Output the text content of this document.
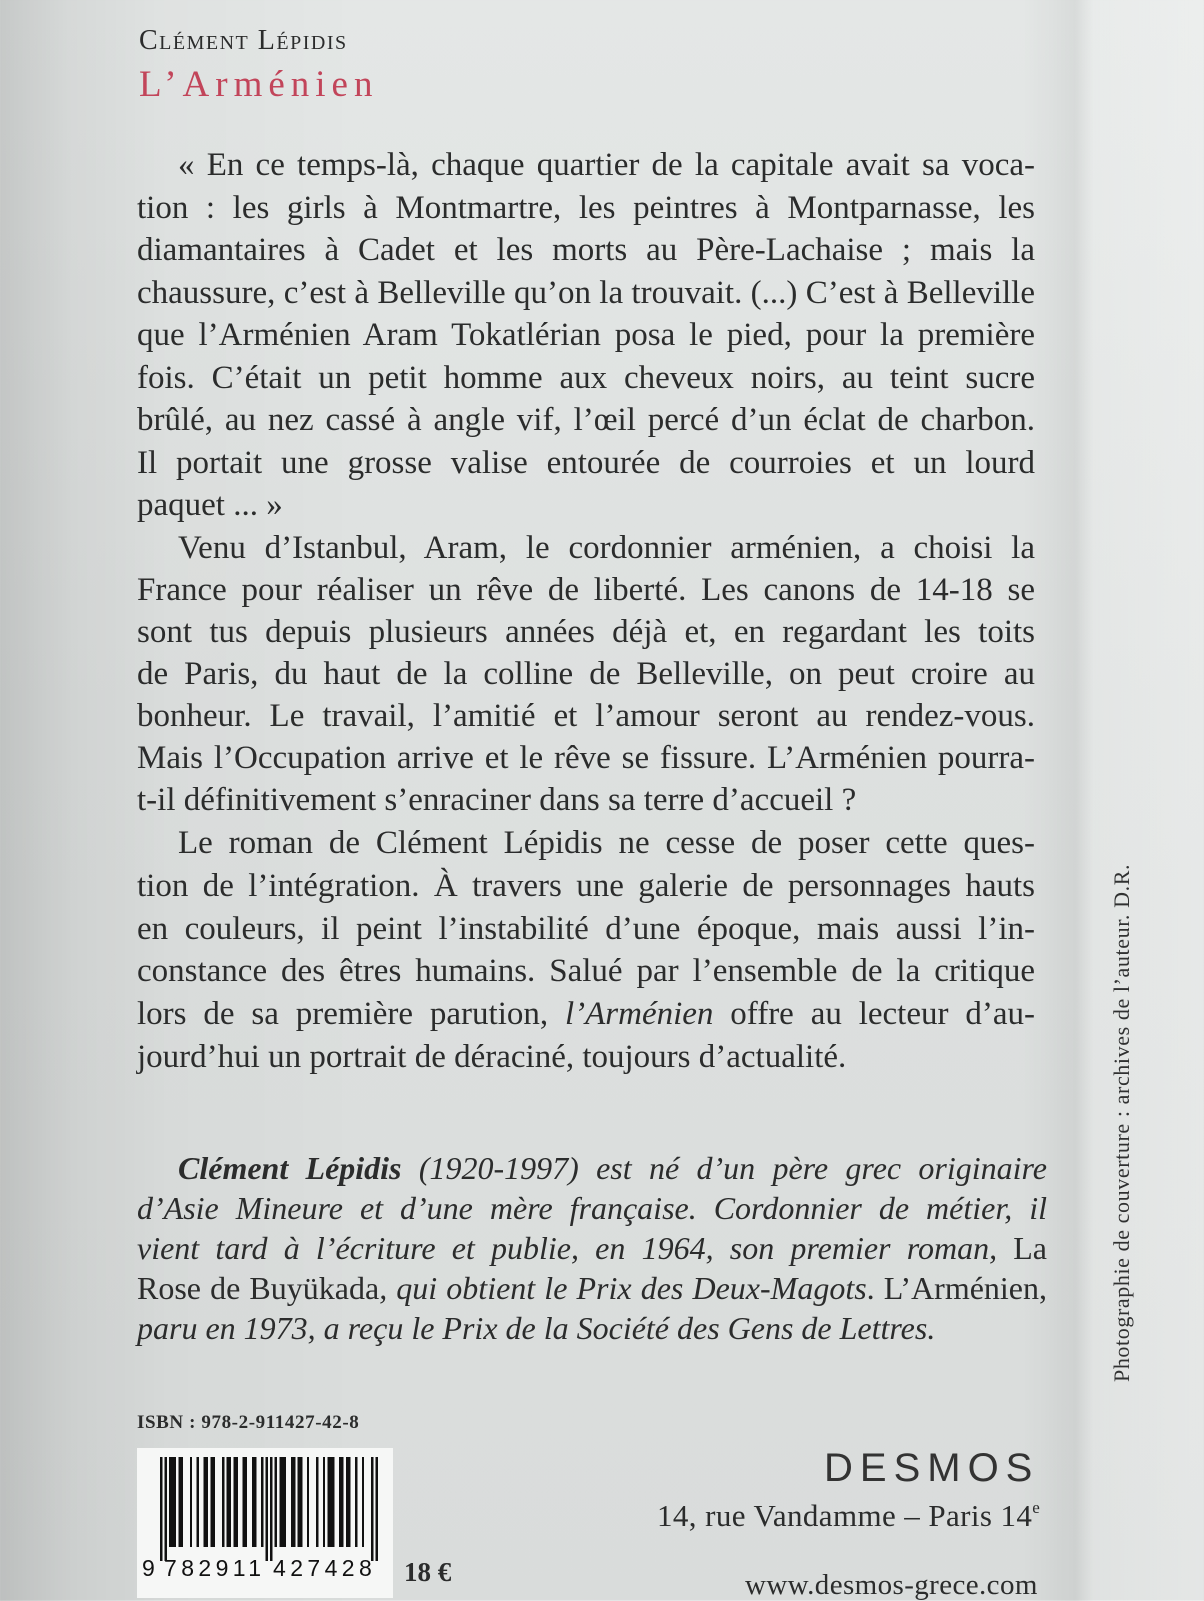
Clément Lépidis
L’Arménien
« En ce temps-là, chaque quartier de la capitale avait sa voca-
tion : les girls à Montmartre, les peintres à Montparnasse, les
diamantaires à Cadet et les morts au Père-Lachaise ; mais la
chaussure, c’est à Belleville qu’on la trouvait. (...) C’est à Belleville
que l’Arménien Aram Tokatlérian posa le pied, pour la première
fois. C’était un petit homme aux cheveux noirs, au teint sucre
brûlé, au nez cassé à angle vif, l’œil percé d’un éclat de charbon.
Il portait une grosse valise entourée de courroies et un lourd
paquet ... »
Venu d’Istanbul, Aram, le cordonnier arménien, a choisi la
France pour réaliser un rêve de liberté. Les canons de 14-18 se
sont tus depuis plusieurs années déjà et, en regardant les toits
de Paris, du haut de la colline de Belleville, on peut croire au
bonheur. Le travail, l’amitié et l’amour seront au rendez-vous.
Mais l’Occupation arrive et le rêve se fissure. L’Arménien pourra-
t-il définitivement s’enraciner dans sa terre d’accueil ?
Le roman de Clément Lépidis ne cesse de poser cette ques-
tion de l’intégration. À travers une galerie de personnages hauts
en couleurs, il peint l’instabilité d’une époque, mais aussi l’in-
constance des êtres humains. Salué par l’ensemble de la critique
lors de sa première parution, l’Arménien offre au lecteur d’au-
jourd’hui un portrait de déraciné, toujours d’actualité.
Clément Lépidis (1920-1997) est né d’un père grec originaire
d’Asie Mineure et d’une mère française. Cordonnier de métier, il
vient tard à l’écriture et publie, en 1964, son premier roman, La
Rose de Buyükada, qui obtient le Prix des Deux-Magots. L’Arménien,
paru en 1973, a reçu le Prix de la Société des Gens de Lettres.	Photographie de couverture : archives de l’auteur. D.R.
ISBN : 978-2-911427-42-8
9 782911 427428 18 €
DESMOS
14, rue Vandamme – Paris 14e
www.desmos-grece.com
